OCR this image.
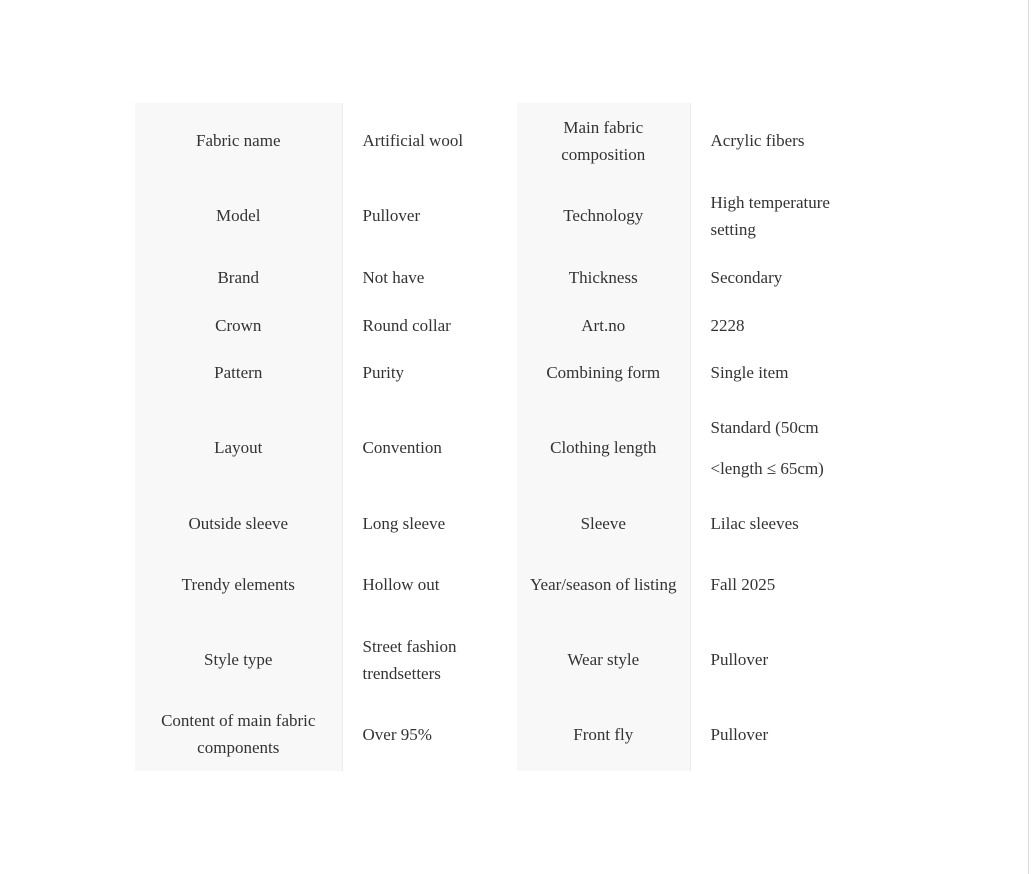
Fabric name	Artificial wool	Main fabric composition	Acrylic fibers
Model	Pullover	Technology	High temperature setting
Brand	Not have	Thickness	Secondary
Crown	Round collar	Art.no	2228
Pattern	Purity	Combining form	Single item
Layout	Convention	Clothing length	Standard (50cm <length ≤ 65cm)
Outside sleeve	Long sleeve	Sleeve	Lilac sleeves
Trendy elements	Hollow out	Year/season of listing	Fall 2025
Style type	Street fashion trendsetters	Wear style	Pullover
Content of main fabric components	Over 95%	Front fly	Pullover
